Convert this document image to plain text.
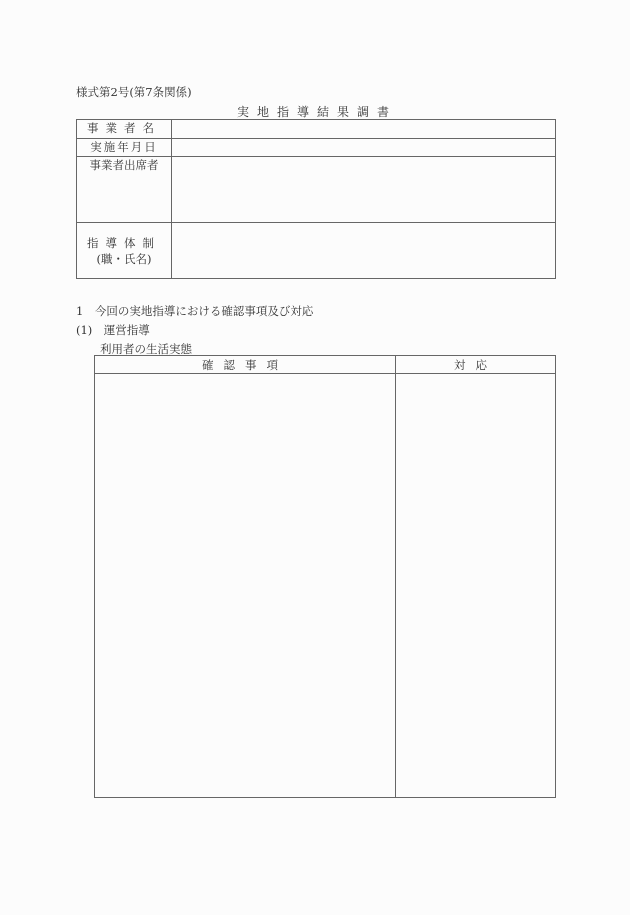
様式第2号(第7条関係)
実地指導結果調書
事業者名	
実施年月日	
事業者出席者	

指導体制
(職・氏名)	

1　今回の実地指導における確認事項及び対応
(1)　運営指導
利用者の生活実態
確認事項	対応
